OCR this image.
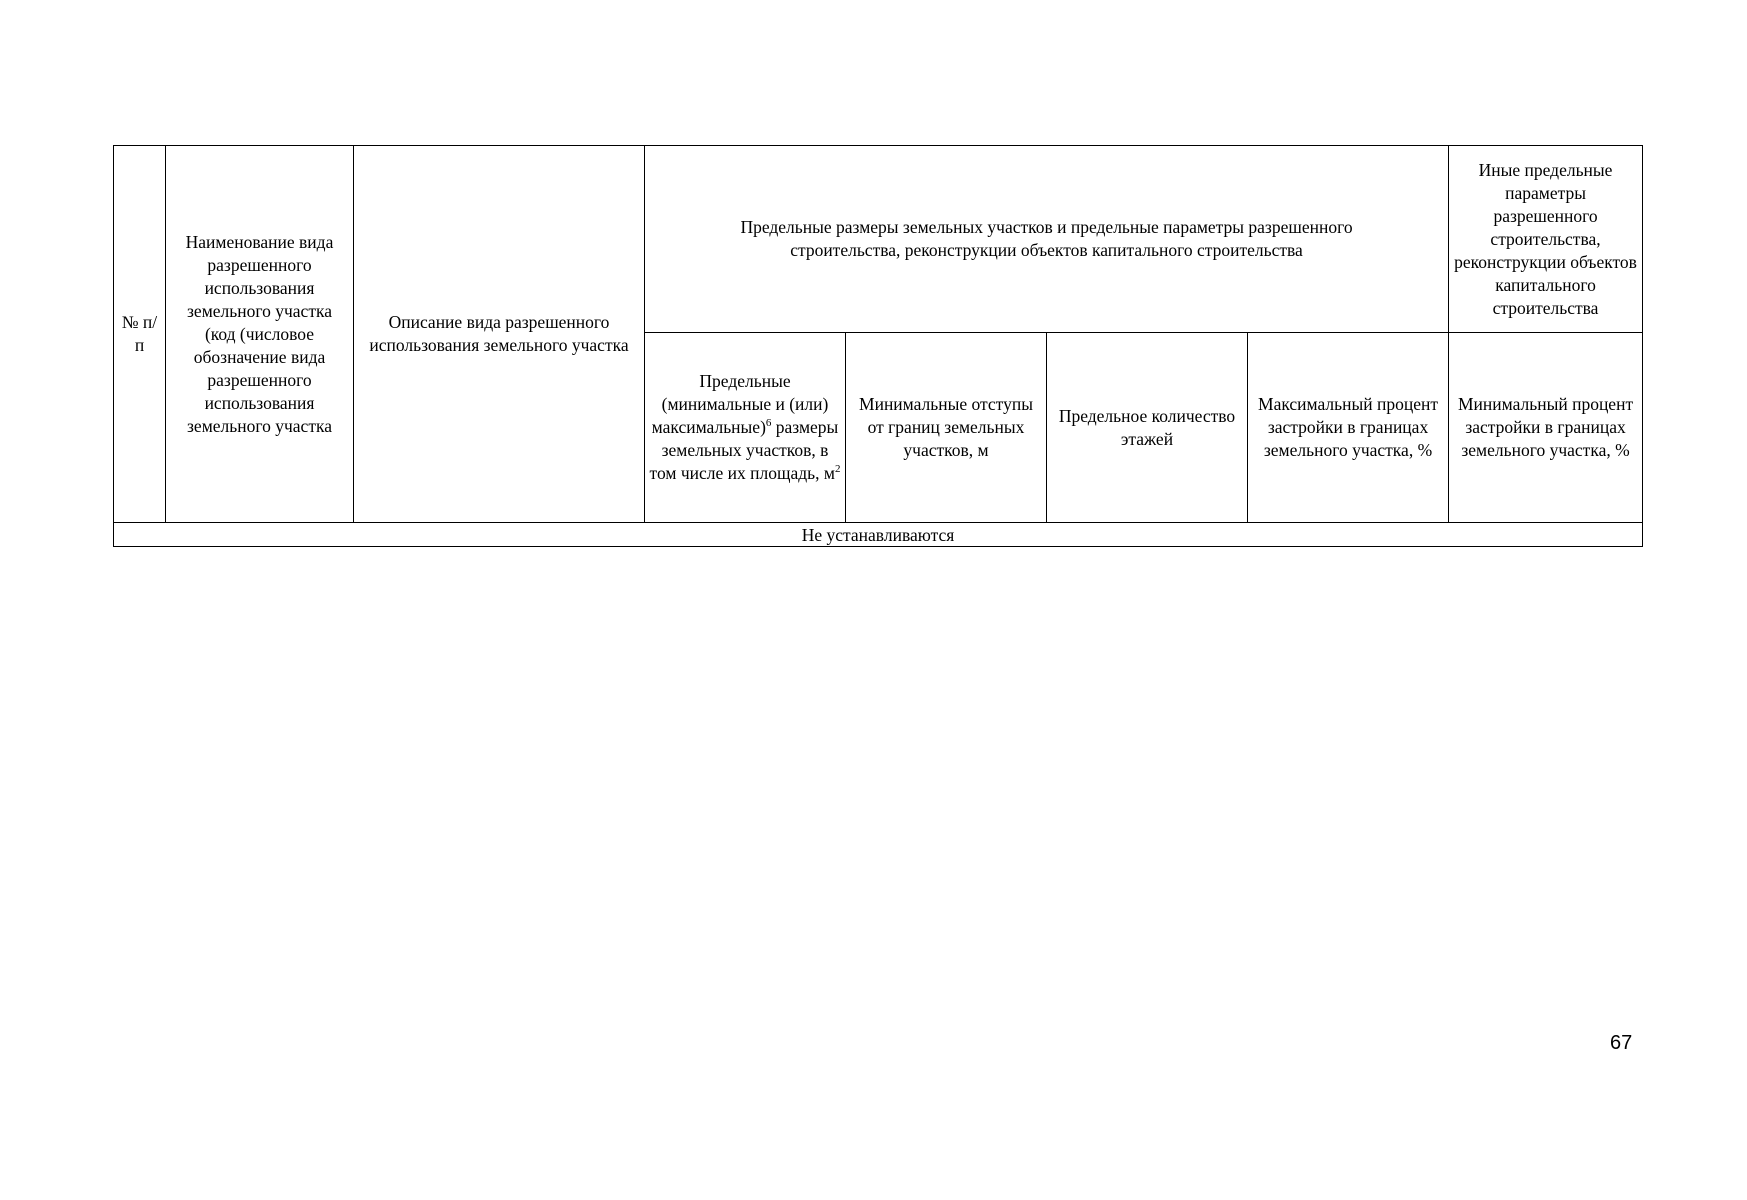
№ п/п	Наименование вида разрешенного использования земельного участка (код (числовое обозначение вида разрешенного использования земельного участка	Описание вида разрешенного использования земельного участка	Предельные размеры земельных участков и предельные параметры разрешенного строительства, реконструкции объектов капитального строительства				Иные предельные параметры разрешенного строительства, реконструкции объектов капитального строительства
			Предельные (минимальные и (или) максимальные)$^6$ размеры земельных участков, в том числе их площадь, $м^2$	Минимальные отступы от границ земельных участков, м	Предельное количество этажей	Максимальный процент застройки в границах земельного участка, %	Минимальный процент застройки в границах земельного участка, %
Не устанавливаются							
67
